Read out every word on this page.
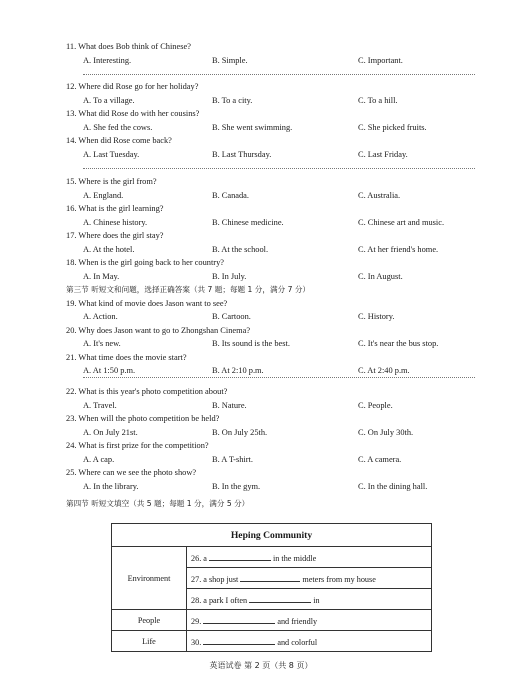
11. What does Bob think of Chinese?
A. Interesting.	B. Simple.	C. Important.
12. Where did Rose go for her holiday?
A. To a village.	B. To a city.	C. To a hill.
13. What did Rose do with her cousins?
A. She fed the cows.	B. She went swimming.	C. She picked fruits.
14. When did Rose come back?
A. Last Tuesday.	B. Last Thursday.	C. Last Friday.
15. Where is the girl from?
A. England.	B. Canada.	C. Australia.
16. What is the girl learning?
A. Chinese history.	B. Chinese medicine.	C. Chinese art and music.
17. Where does the girl stay?
A. At the hotel.	B. At the school.	C. At her friend's home.
18. When is the girl going back to her country?
A. In May.	B. In July.	C. In August.
第三节 听短文和问题，选择正确答案（共 7 题；每题 1 分，满分 7 分）
19. What kind of movie does Jason want to see?
A. Action.	B. Cartoon.	C. History.
20. Why does Jason want to go to Zhongshan Cinema?
A. It's new.	B. Its sound is the best.	C. It's near the bus stop.
21. What time does the movie start?
A. At 1:50 p.m.	B. At 2:10 p.m.	C. At 2:40 p.m.
22. What is this year's photo competition about?
A. Travel.	B. Nature.	C. People.
23. When will the photo competition be held?
A. On July 21st.	B. On July 25th.	C. On July 30th.
24. What is first prize for the competition?
A. A cap.	B. A T-shirt.	C. A camera.
25. Where can we see the photo show?
A. In the library.	B. In the gym.	C. In the dining hall.
第四节 听短文填空（共 5 题；每题 1 分，满分 5 分）
Heping Community	
Environment	26. a in the middle
	27. a shop just meters from my house
	28. a park I often in
People	29. and friendly
Life	30. and colorful
英语试卷 第 2 页（共 8 页）
